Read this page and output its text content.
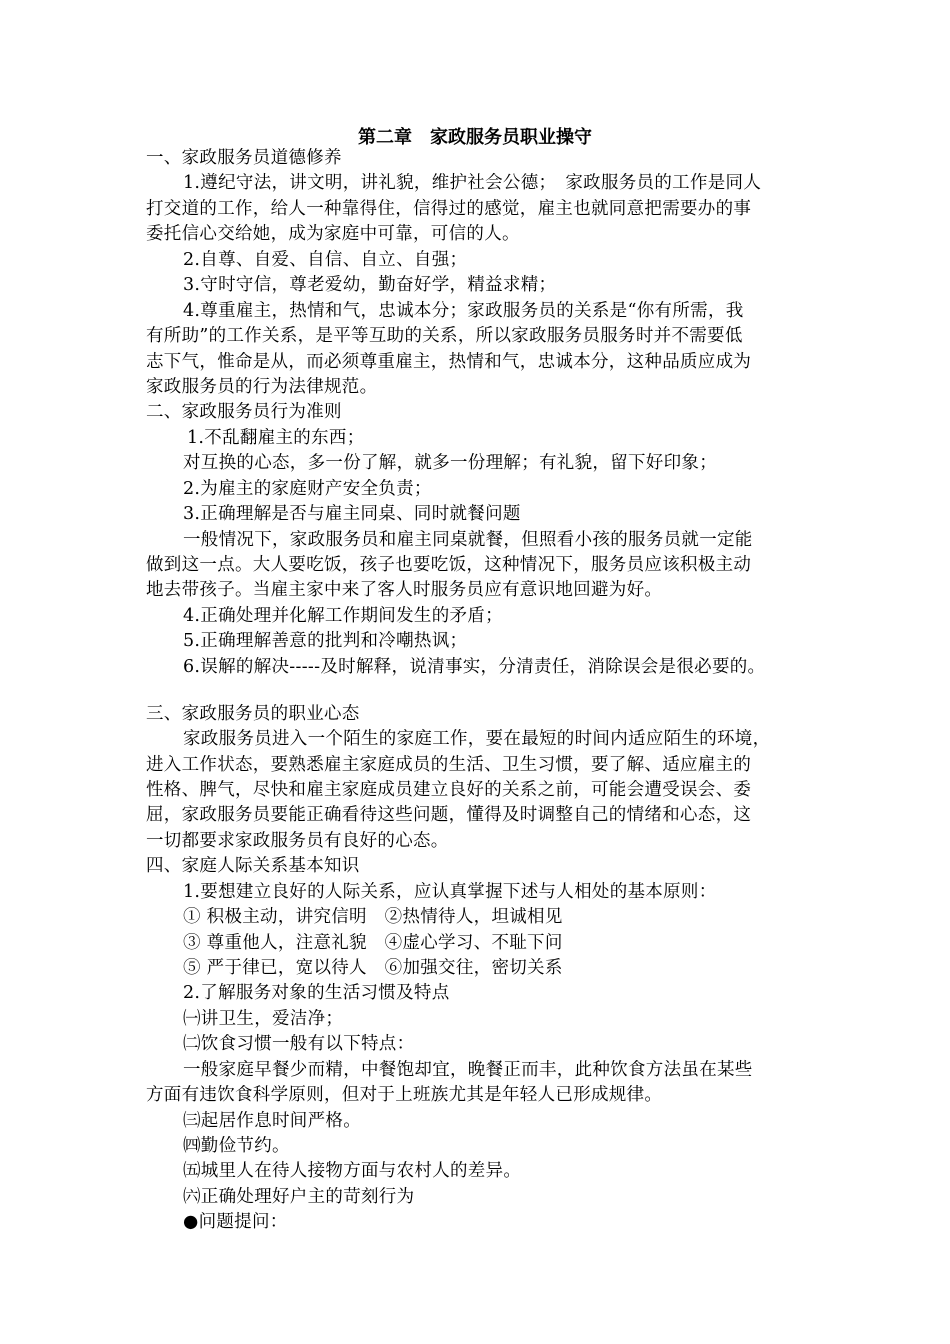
第二章　家政服务员职业操守
一、家政服务员道德修养
1.遵纪守法，讲文明，讲礼貌，维护社会公德；　家政服务员的工作是同人
打交道的工作，给人一种靠得住，信得过的感觉，雇主也就同意把需要办的事
委托信心交给她，成为家庭中可靠，可信的人。
2.自尊、自爱、自信、自立、自强；
3.守时守信，尊老爱幼，勤奋好学，精益求精；
4.尊重雇主，热情和气，忠诚本分；家政服务员的关系是“你有所需，我
有所助”的工作关系，是平等互助的关系，所以家政服务员服务时并不需要低
志下气，惟命是从，而必须尊重雇主，热情和气，忠诚本分，这种品质应成为
家政服务员的行为法律规范。
二、家政服务员行为准则
1.不乱翻雇主的东西；
对互换的心态，多一份了解，就多一份理解；有礼貌，留下好印象；
2.为雇主的家庭财产安全负责；
3.正确理解是否与雇主同桌、同时就餐问题
一般情况下，家政服务员和雇主同桌就餐，但照看小孩的服务员就一定能
做到这一点。大人要吃饭，孩子也要吃饭，这种情况下，服务员应该积极主动
地去带孩子。当雇主家中来了客人时服务员应有意识地回避为好。
4.正确处理并化解工作期间发生的矛盾；
5.正确理解善意的批判和冷嘲热讽；
6.误解的解决-----及时解释，说清事实，分清责任，消除误会是很必要的。
三、家政服务员的职业心态
家政服务员进入一个陌生的家庭工作，要在最短的时间内适应陌生的环境，
进入工作状态，要熟悉雇主家庭成员的生活、卫生习惯，要了解、适应雇主的
性格、脾气，尽快和雇主家庭成员建立良好的关系之前，可能会遭受误会、委
屈，家政服务员要能正确看待这些问题，懂得及时调整自己的情绪和心态，这
一切都要求家政服务员有良好的心态。
四、家庭人际关系基本知识
1.要想建立良好的人际关系，应认真掌握下述与人相处的基本原则：
① 积极主动，讲究信明　②热情待人，坦诚相见
③ 尊重他人，注意礼貌　④虚心学习、不耻下问
⑤ 严于律已，宽以待人　⑥加强交往，密切关系
2.了解服务对象的生活习惯及特点
㈠讲卫生，爱洁净；
㈡饮食习惯一般有以下特点：
一般家庭早餐少而精，中餐饱却宜，晚餐正而丰，此种饮食方法虽在某些
方面有违饮食科学原则，但对于上班族尤其是年轻人已形成规律。
㈢起居作息时间严格。
㈣勤俭节约。
㈤城里人在待人接物方面与农村人的差异。
㈥正确处理好户主的苛刻行为
●问题提问：
